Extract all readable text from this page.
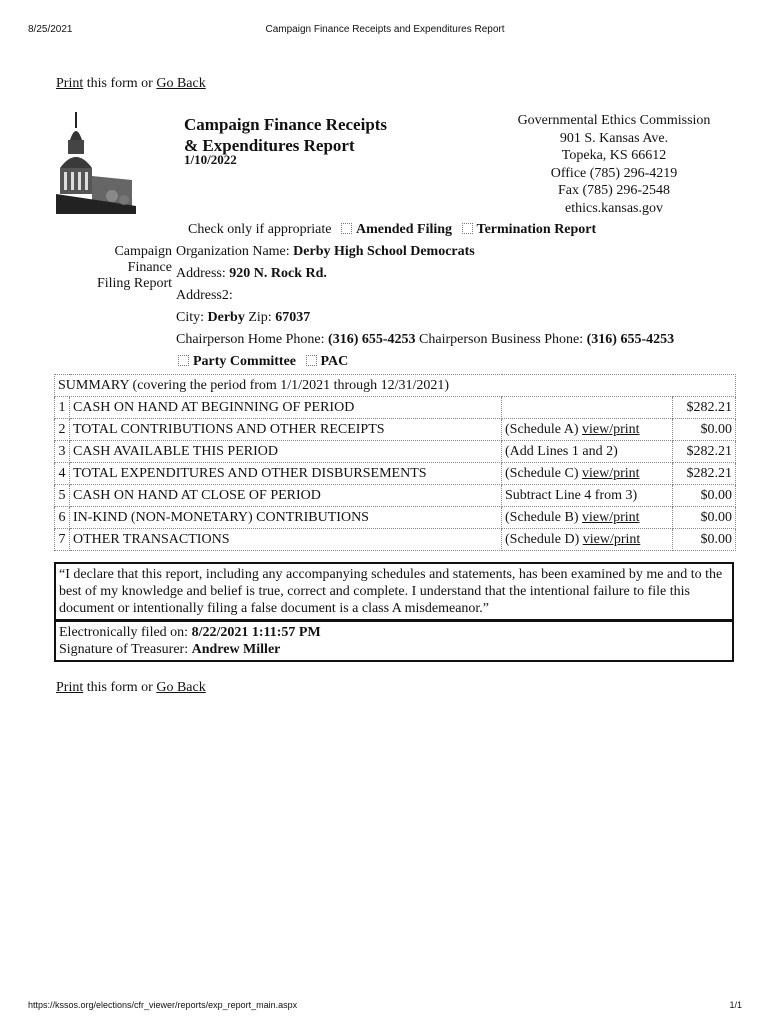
8/25/2021	Campaign Finance Receipts and Expenditures Report
Print this form or Go Back
Campaign Finance Receipts
& Expenditures Report
1/10/2022
Governmental Ethics Commission
901 S. Kansas Ave.
Topeka, KS 66612
Office (785) 296-4219
Fax (785) 296-2548
ethics.kansas.gov
Check only if appropriate Amended Filing Termination Report
Campaign
Finance
Filing Report
Organization Name: Derby High School Democrats
Address: 920 N. Rock Rd.
Address2:
City: Derby Zip: 67037
Chairperson Home Phone: (316) 655-4253 Chairperson Business Phone: (316) 655-4253
Party Committee PAC
SUMMARY (covering the period from 1/1/2021 through 12/31/2021)			
1	CASH ON HAND AT BEGINNING OF PERIOD		$282.21
2	TOTAL CONTRIBUTIONS AND OTHER RECEIPTS	(Schedule A) view/print	$0.00
3	CASH AVAILABLE THIS PERIOD	(Add Lines 1 and 2)	$282.21
4	TOTAL EXPENDITURES AND OTHER DISBURSEMENTS	(Schedule C) view/print	$282.21
5	CASH ON HAND AT CLOSE OF PERIOD	Subtract Line 4 from 3)	$0.00
6	IN-KIND (NON-MONETARY) CONTRIBUTIONS	(Schedule B) view/print	$0.00
7	OTHER TRANSACTIONS	(Schedule D) view/print	$0.00
“I declare that this report, including any accompanying schedules and statements, has been examined by me and to the best of my knowledge and belief is true, correct and complete. I understand that the intentional failure to file this document or intentionally filing a false document is a class A misdemeanor.”
Electronically filed on: 8/22/2021 1:11:57 PM
Signature of Treasurer: Andrew Miller
Print this form or Go Back
https://kssos.org/elections/cfr_viewer/reports/exp_report_main.aspx	1/1
